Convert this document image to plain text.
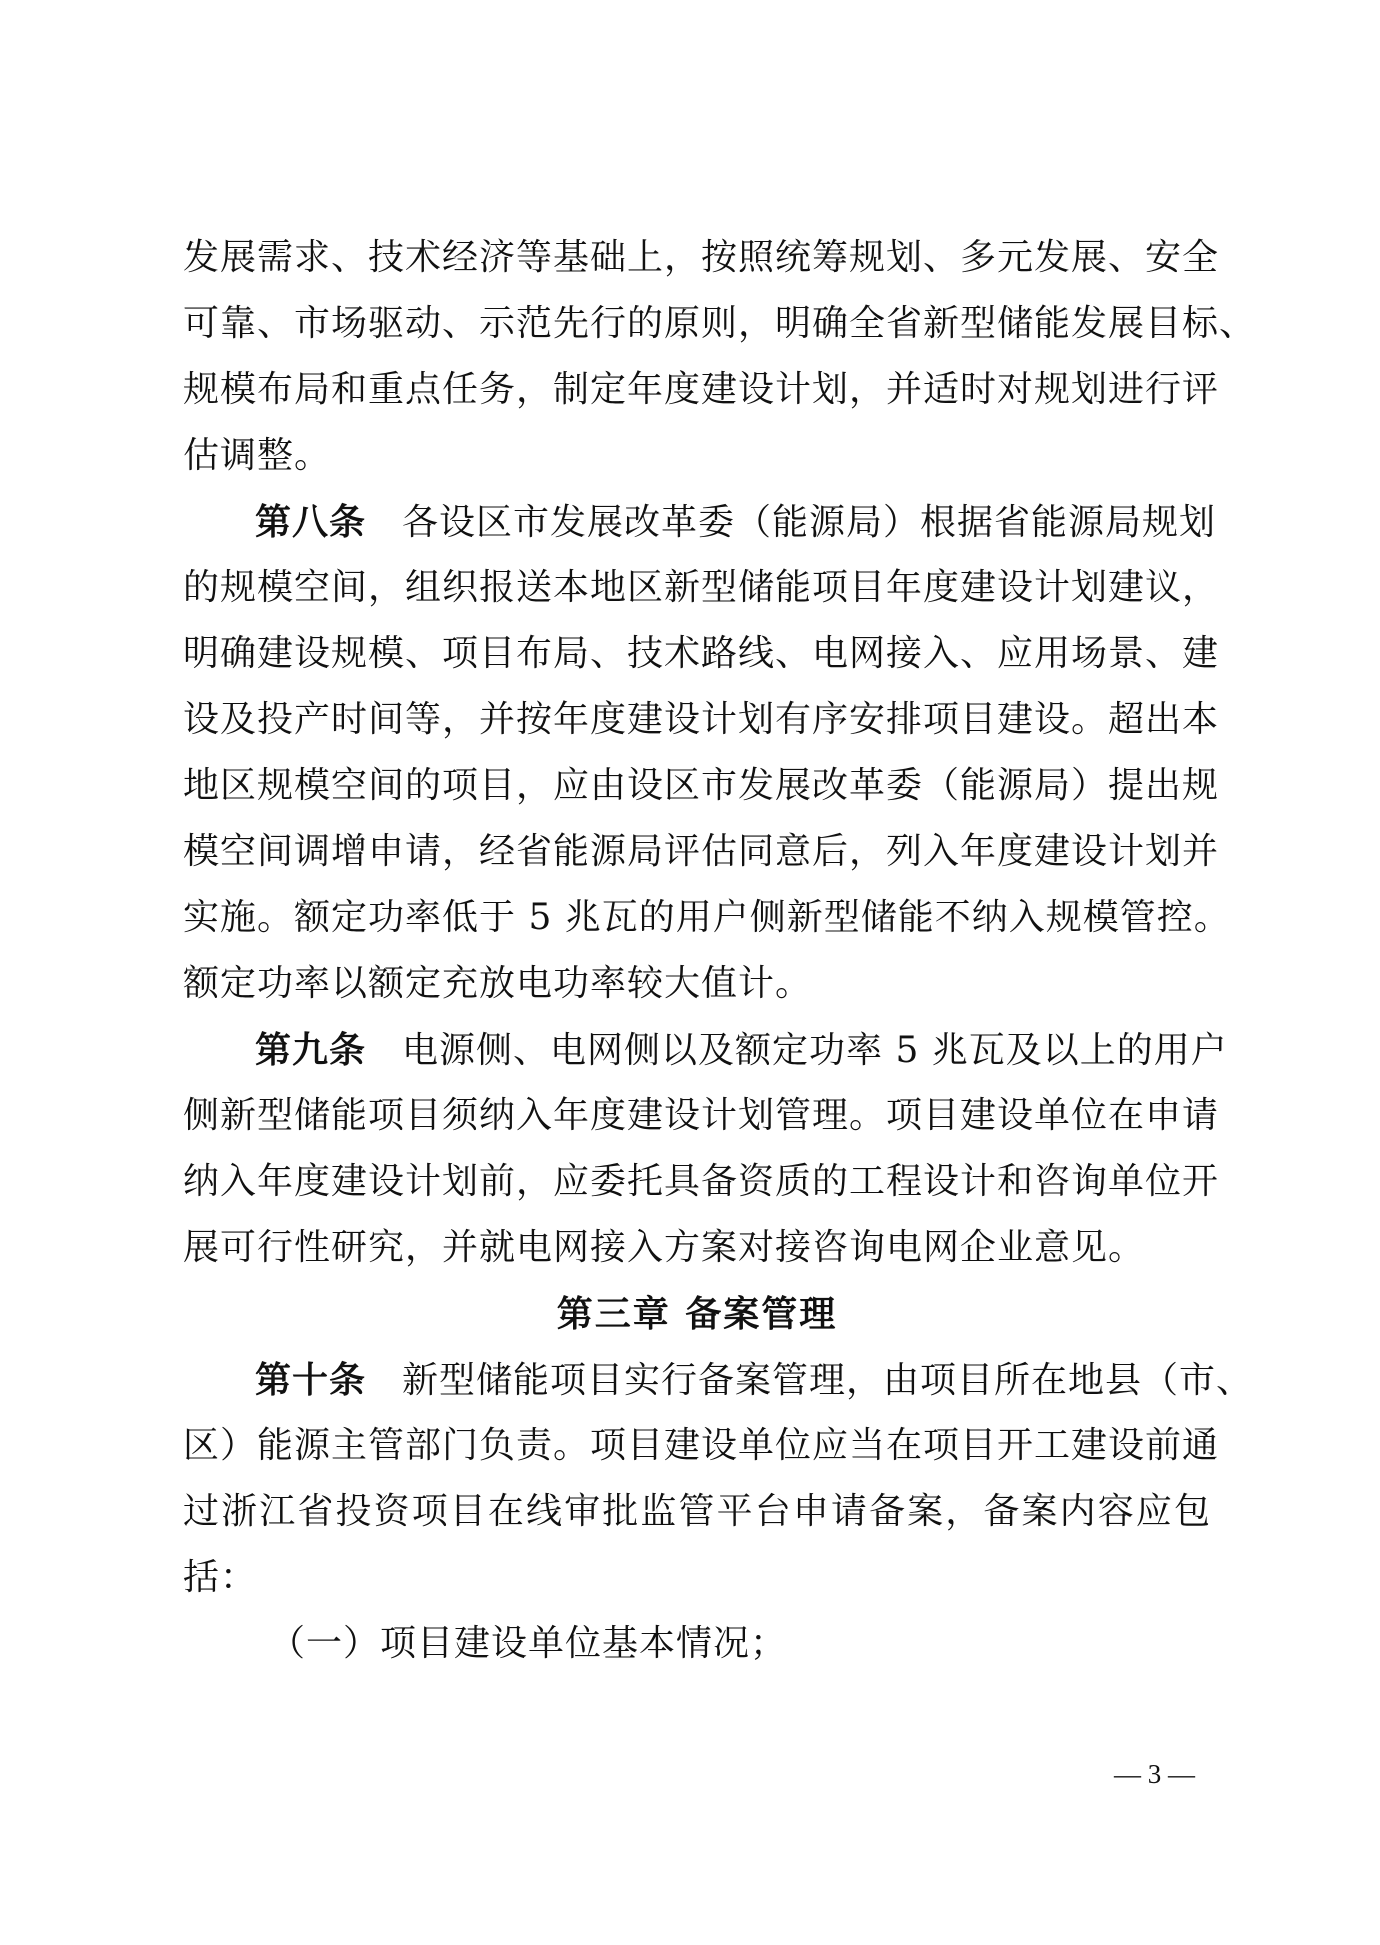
发展需求、技术经济等基础上，按照统筹规划、多元发展、安全
可靠、市场驱动、示范先行的原则，明确全省新型储能发展目标、
规模布局和重点任务，制定年度建设计划，并适时对规划进行评
估调整。
第八条 各设区市发展改革委（能源局）根据省能源局规划
的规模空间，组织报送本地区新型储能项目年度建设计划建议，
明确建设规模、项目布局、技术路线、电网接入、应用场景、建
设及投产时间等，并按年度建设计划有序安排项目建设。超出本
地区规模空间的项目，应由设区市发展改革委（能源局）提出规
模空间调增申请，经省能源局评估同意后，列入年度建设计划并
实施。额定功率低于 5 兆瓦的用户侧新型储能不纳入规模管控。
额定功率以额定充放电功率较大值计。
第九条 电源侧、电网侧以及额定功率 5 兆瓦及以上的用户
侧新型储能项目须纳入年度建设计划管理。项目建设单位在申请
纳入年度建设计划前，应委托具备资质的工程设计和咨询单位开
展可行性研究，并就电网接入方案对接咨询电网企业意见。
第三章 备案管理
第十条 新型储能项目实行备案管理，由项目所在地县（市、
区）能源主管部门负责。项目建设单位应当在项目开工建设前通
过浙江省投资项目在线审批监管平台申请备案，备案内容应包
括：
（一）项目建设单位基本情况；
— 3 —
